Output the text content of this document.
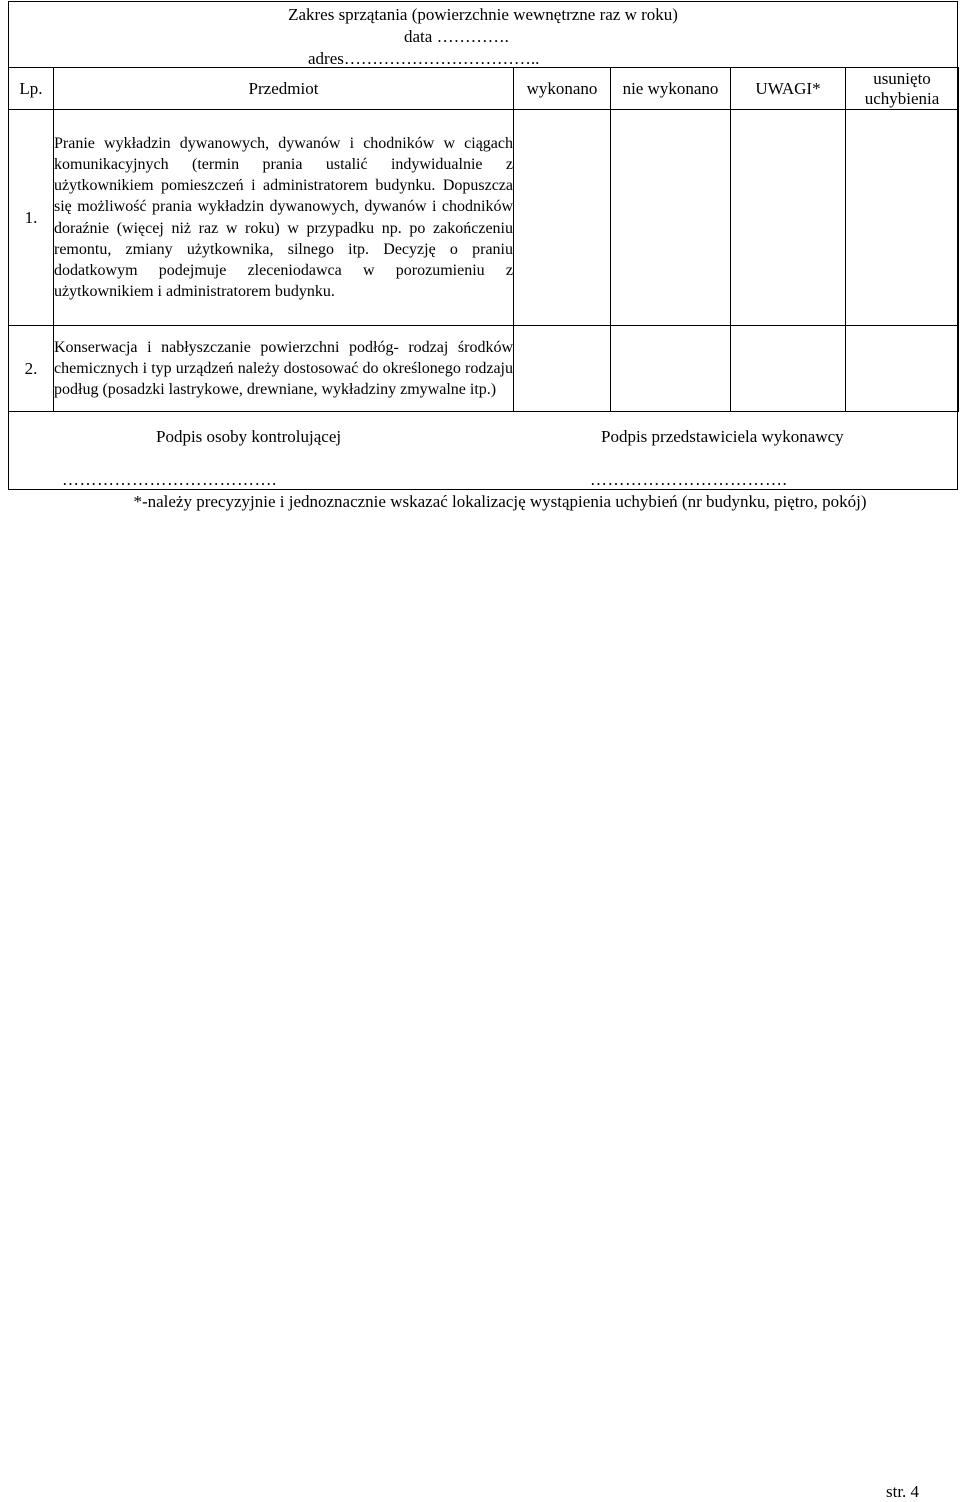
Zakres sprzątania (powierzchnie wewnętrzne raz w roku)
data ………….
adres……………………………..
Lp.	Przedmiot	wykonano	nie wykonano	UWAGI*	usunięto uchybienia
1.	Pranie wykładzin dywanowych, dywanów i chodników w ciągach komunikacyjnych (termin prania ustalić indywidualnie z użytkownikiem pomieszczeń i administratorem budynku. Dopuszcza się możliwość prania wykładzin dywanowych, dywanów i chodników doraźnie (więcej niż raz w roku) w przypadku np. po zakończeniu remontu, zmiany użytkownika, silnego itp. Decyzję o praniu dodatkowym podejmuje zleceniodawca w porozumieniu z użytkownikiem i administratorem budynku.				
2.	Konserwacja i nabłyszczanie powierzchni podłóg- rodzaj środków chemicznych i typ urządzeń należy dostosować do określonego rodzaju podług (posadzki lastrykowe, drewniane, wykładziny zmywalne itp.)				
Podpis osoby kontrolującej	Podpis przedstawiciela wykonawcy
……………………………….	…………………………….
*-należy precyzyjnie i jednoznacznie wskazać lokalizację wystąpienia uchybień (nr budynku, piętro, pokój)
str. 4
